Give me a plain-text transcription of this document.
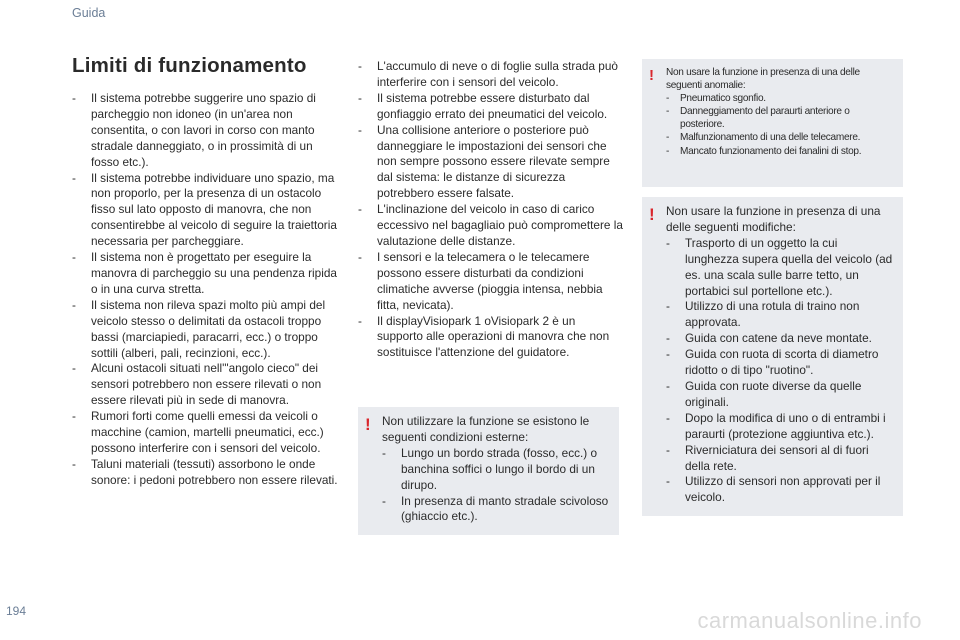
Guida
Limiti di funzionamento

- Il sistema potrebbe suggerire uno spazio di parcheggio non idoneo (in un'area non consentita, o con lavori in corso con manto stradale danneggiato, o in prossimità di un fosso etc.).

- Il sistema potrebbe individuare uno spazio, ma non proporlo, per la presenza di un ostacolo fisso sul lato opposto di manovra, che non consentirebbe al veicolo di seguire la traiettoria necessaria per parcheggiare.

- Il sistema non è progettato per eseguire la manovra di parcheggio su una pendenza ripida o in una curva stretta.

- Il sistema non rileva spazi molto più ampi del veicolo stesso o delimitati da ostacoli troppo bassi (marciapiedi, paracarri, ecc.) o troppo sottili (alberi, pali, recinzioni, ecc.).

- Alcuni ostacoli situati nell'"angolo cieco" dei sensori potrebbero non essere rilevati o non essere rilevati più in sede di manovra.

- Rumori forti come quelli emessi da veicoli o macchine (camion, martelli pneumatici, ecc.) possono interferire con i sensori del veicolo.

- Taluni materiali (tessuti) assorbono le onde sonore: i pedoni potrebbero non essere rilevati.

- L'accumulo di neve o di foglie sulla strada può interferire con i sensori del veicolo.

- Il sistema potrebbe essere disturbato dal gonfiaggio errato dei pneumatici del veicolo.

- Una collisione anteriore o posteriore può danneggiare le impostazioni dei sensori che non sempre possono essere rilevate sempre dal sistema: le distanze di sicurezza potrebbero essere falsate.

- L'inclinazione del veicolo in caso di carico eccessivo nel bagagliaio può compromettere la valutazione delle distanze.

- I sensori e la telecamera o le telecamere possono essere disturbati da condizioni climatiche avverse (pioggia intensa, nebbia fitta, nevicata).

- Il displayVisiopark 1 oVisiopark 2 è un supporto alle operazioni di manovra che non sostituisce l'attenzione del guidatore.

! Non utilizzare la funzione se esistono le seguenti condizioni esterne:

- Lungo un bordo strada (fosso, ecc.) o banchina soffici o lungo il bordo di un dirupo.
- In presenza di manto stradale scivoloso (ghiaccio etc.).
! Non usare la funzione in presenza di una delle seguenti anomalie:

- Pneumatico sgonfio.
- Danneggiamento del paraurti anteriore o posteriore.
- Malfunzionamento di una delle telecamere.
- Mancato funzionamento dei fanalini di stop.
! Non usare la funzione in presenza di una delle seguenti modifiche:

- Trasporto di un oggetto la cui lunghezza supera quella del veicolo (ad es. una scala sulle barre tetto, un portabici sul portellone etc.).
- Utilizzo di una rotula di traino non approvata.
- Guida con catene da neve montate.
- Guida con ruota di scorta di diametro ridotto o di tipo "ruotino".
- Guida con ruote diverse da quelle originali.
- Dopo la modifica di uno o di entrambi i paraurti (protezione aggiuntiva etc.).
- Riverniciatura dei sensori al di fuori della rete.
- Utilizzo di sensori non approvati per il veicolo.
194	carmanualsonline.info
